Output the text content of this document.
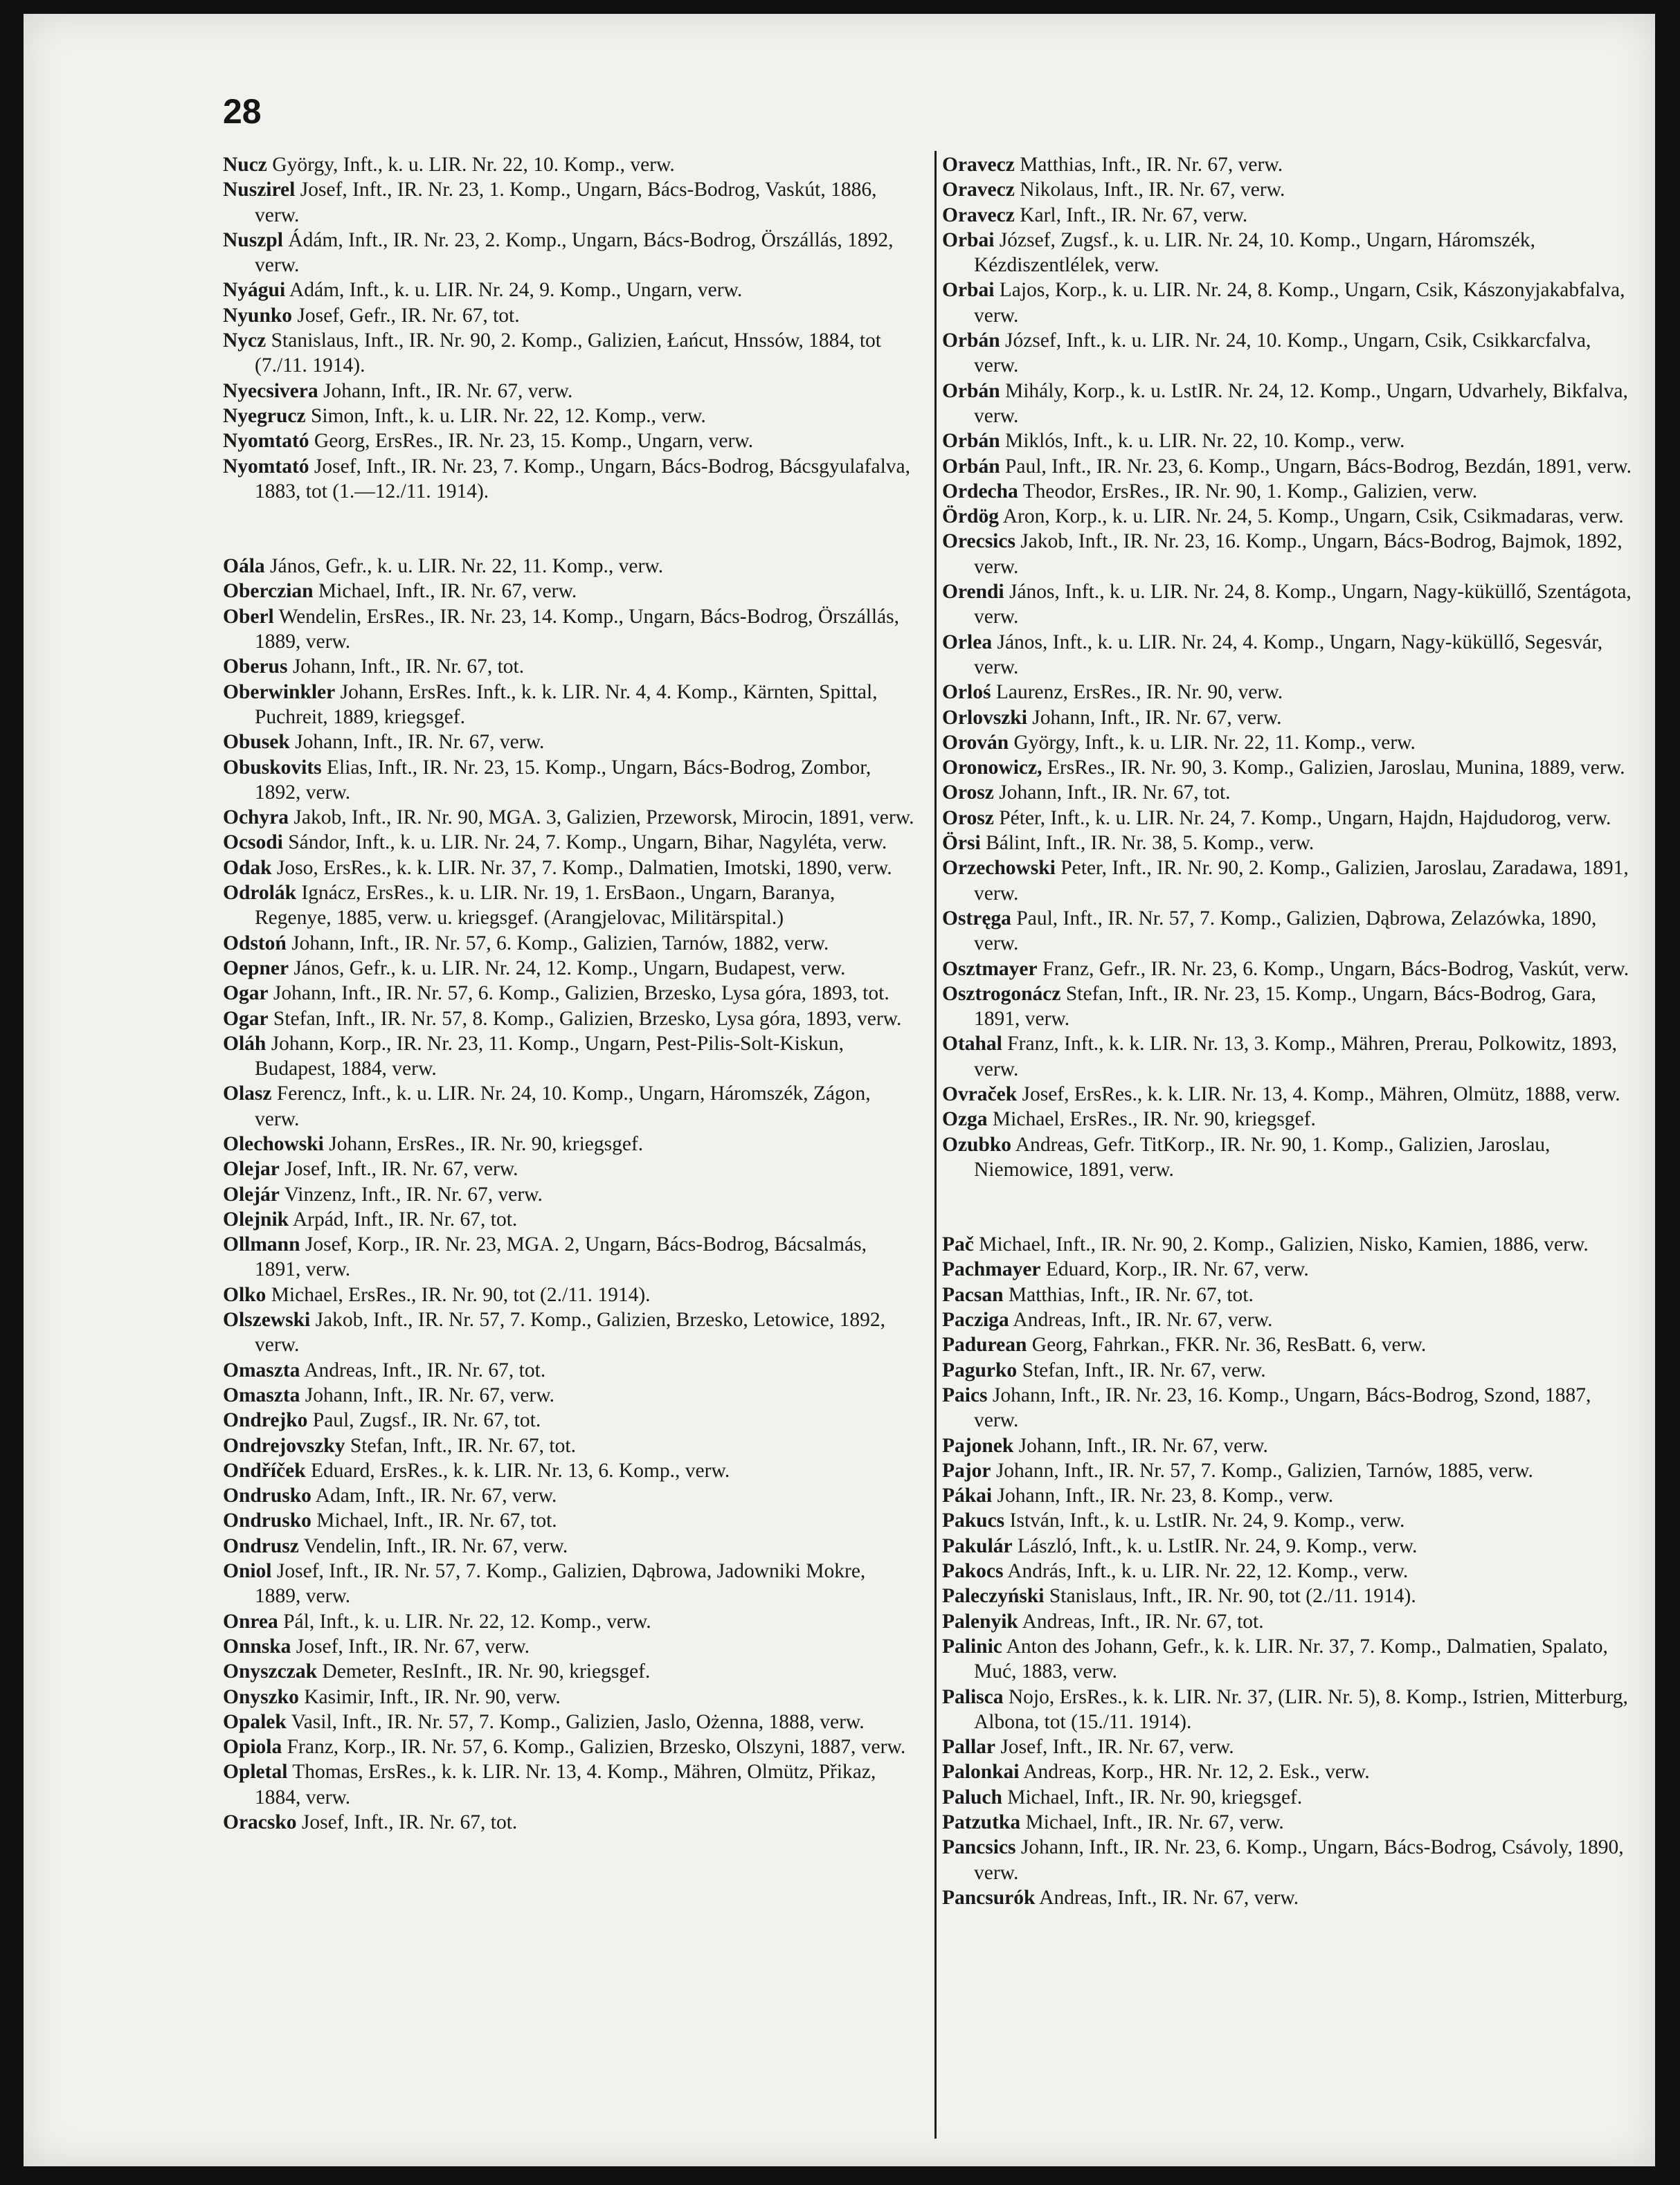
28

Nucz György, Inft., k. u. LIR. Nr. 22, 10. Komp., verw.

Nuszirel Josef, Inft., IR. Nr. 23, 1. Komp., Ungarn, Bács-Bodrog, Vaskút, 1886, verw.

Nuszpl Ádám, Inft., IR. Nr. 23, 2. Komp., Ungarn, Bács-Bodrog, Örszállás, 1892, verw.

Nyágui Adám, Inft., k. u. LIR. Nr. 24, 9. Komp., Ungarn, verw.

Nyunko Josef, Gefr., IR. Nr. 67, tot.

Nycz Stanislaus, Inft., IR. Nr. 90, 2. Komp., Galizien, Łańcut, Hnssów, 1884, tot (7./11. 1914).

Nyecsivera Johann, Inft., IR. Nr. 67, verw.

Nyegrucz Simon, Inft., k. u. LIR. Nr. 22, 12. Komp., verw.

Nyomtató Georg, ErsRes., IR. Nr. 23, 15. Komp., Ungarn, verw.

Nyomtató Josef, Inft., IR. Nr. 23, 7. Komp., Ungarn, Bács-Bodrog, Bácsgyulafalva, 1883, tot (1.—12./11. 1914).

Oála János, Gefr., k. u. LIR. Nr. 22, 11. Komp., verw.

Oberczian Michael, Inft., IR. Nr. 67, verw.

Oberl Wendelin, ErsRes., IR. Nr. 23, 14. Komp., Ungarn, Bács-Bodrog, Örszállás, 1889, verw.

Oberus Johann, Inft., IR. Nr. 67, tot.

Oberwinkler Johann, ErsRes. Inft., k. k. LIR. Nr. 4, 4. Komp., Kärnten, Spittal, Puchreit, 1889, kriegsgef.

Obusek Johann, Inft., IR. Nr. 67, verw.

Obuskovits Elias, Inft., IR. Nr. 23, 15. Komp., Ungarn, Bács-Bodrog, Zombor, 1892, verw.

Ochyra Jakob, Inft., IR. Nr. 90, MGA. 3, Galizien, Przeworsk, Mirocin, 1891, verw.

Ocsodi Sándor, Inft., k. u. LIR. Nr. 24, 7. Komp., Ungarn, Bihar, Nagyléta, verw.

Odak Joso, ErsRes., k. k. LIR. Nr. 37, 7. Komp., Dalmatien, Imotski, 1890, verw.

Odrolák Ignácz, ErsRes., k. u. LIR. Nr. 19, 1. ErsBaon., Ungarn, Baranya, Regenye, 1885, verw. u. kriegsgef. (Arangjelovac, Militärspital.)

Odstoń Johann, Inft., IR. Nr. 57, 6. Komp., Galizien, Tarnów, 1882, verw.

Oepner János, Gefr., k. u. LIR. Nr. 24, 12. Komp., Ungarn, Budapest, verw.

Ogar Johann, Inft., IR. Nr. 57, 6. Komp., Galizien, Brzesko, Lysa góra, 1893, tot.

Ogar Stefan, Inft., IR. Nr. 57, 8. Komp., Galizien, Brzesko, Lysa góra, 1893, verw.

Oláh Johann, Korp., IR. Nr. 23, 11. Komp., Ungarn, Pest-Pilis-Solt-Kiskun, Budapest, 1884, verw.

Olasz Ferencz, Inft., k. u. LIR. Nr. 24, 10. Komp., Ungarn, Háromszék, Zágon, verw.

Olechowski Johann, ErsRes., IR. Nr. 90, kriegsgef.

Olejar Josef, Inft., IR. Nr. 67, verw.

Olejár Vinzenz, Inft., IR. Nr. 67, verw.

Olejnik Arpád, Inft., IR. Nr. 67, tot.

Ollmann Josef, Korp., IR. Nr. 23, MGA. 2, Ungarn, Bács-Bodrog, Bácsalmás, 1891, verw.

Olko Michael, ErsRes., IR. Nr. 90, tot (2./11. 1914).

Olszewski Jakob, Inft., IR. Nr. 57, 7. Komp., Galizien, Brzesko, Letowice, 1892, verw.

Omaszta Andreas, Inft., IR. Nr. 67, tot.

Omaszta Johann, Inft., IR. Nr. 67, verw.

Ondrejko Paul, Zugsf., IR. Nr. 67, tot.

Ondrejovszky Stefan, Inft., IR. Nr. 67, tot.

Ondříček Eduard, ErsRes., k. k. LIR. Nr. 13, 6. Komp., verw.

Ondrusko Adam, Inft., IR. Nr. 67, verw.

Ondrusko Michael, Inft., IR. Nr. 67, tot.

Ondrusz Vendelin, Inft., IR. Nr. 67, verw.

Oniol Josef, Inft., IR. Nr. 57, 7. Komp., Galizien, Dąbrowa, Jadowniki Mokre, 1889, verw.

Onrea Pál, Inft., k. u. LIR. Nr. 22, 12. Komp., verw.

Onnska Josef, Inft., IR. Nr. 67, verw.

Onyszczak Demeter, ResInft., IR. Nr. 90, kriegsgef.

Onyszko Kasimir, Inft., IR. Nr. 90, verw.

Opalek Vasil, Inft., IR. Nr. 57, 7. Komp., Galizien, Jaslo, Ożenna, 1888, verw.

Opiola Franz, Korp., IR. Nr. 57, 6. Komp., Galizien, Brzesko, Olszyni, 1887, verw.

Opletal Thomas, ErsRes., k. k. LIR. Nr. 13, 4. Komp., Mähren, Olmütz, Přikaz, 1884, verw.

Oracsko Josef, Inft., IR. Nr. 67, tot.

Oravecz Matthias, Inft., IR. Nr. 67, verw.

Oravecz Nikolaus, Inft., IR. Nr. 67, verw.

Oravecz Karl, Inft., IR. Nr. 67, verw.

Orbai József, Zugsf., k. u. LIR. Nr. 24, 10. Komp., Ungarn, Háromszék, Kézdiszentlélek, verw.

Orbai Lajos, Korp., k. u. LIR. Nr. 24, 8. Komp., Ungarn, Csik, Kászonyjakabfalva, verw.

Orbán József, Inft., k. u. LIR. Nr. 24, 10. Komp., Ungarn, Csik, Csikkarcfalva, verw.

Orbán Mihály, Korp., k. u. LstIR. Nr. 24, 12. Komp., Ungarn, Udvarhely, Bikfalva, verw.

Orbán Miklós, Inft., k. u. LIR. Nr. 22, 10. Komp., verw.

Orbán Paul, Inft., IR. Nr. 23, 6. Komp., Ungarn, Bács-Bodrog, Bezdán, 1891, verw.

Ordecha Theodor, ErsRes., IR. Nr. 90, 1. Komp., Galizien, verw.

Ördög Aron, Korp., k. u. LIR. Nr. 24, 5. Komp., Ungarn, Csik, Csikmadaras, verw.

Orecsics Jakob, Inft., IR. Nr. 23, 16. Komp., Ungarn, Bács-Bodrog, Bajmok, 1892, verw.

Orendi János, Inft., k. u. LIR. Nr. 24, 8. Komp., Ungarn, Nagy-küküllő, Szentágota, verw.

Orlea János, Inft., k. u. LIR. Nr. 24, 4. Komp., Ungarn, Nagy-küküllő, Segesvár, verw.

Orloś Laurenz, ErsRes., IR. Nr. 90, verw.

Orlovszki Johann, Inft., IR. Nr. 67, verw.

Orován György, Inft., k. u. LIR. Nr. 22, 11. Komp., verw.

Oronowicz, ErsRes., IR. Nr. 90, 3. Komp., Galizien, Jaroslau, Munina, 1889, verw.

Orosz Johann, Inft., IR. Nr. 67, tot.

Orosz Péter, Inft., k. u. LIR. Nr. 24, 7. Komp., Ungarn, Hajdn, Hajdudorog, verw.

Örsi Bálint, Inft., IR. Nr. 38, 5. Komp., verw.

Orzechowski Peter, Inft., IR. Nr. 90, 2. Komp., Galizien, Jaroslau, Zaradawa, 1891, verw.

Ostręga Paul, Inft., IR. Nr. 57, 7. Komp., Galizien, Dąbrowa, Zelazówka, 1890, verw.

Osztmayer Franz, Gefr., IR. Nr. 23, 6. Komp., Ungarn, Bács-Bodrog, Vaskút, verw.

Osztrogonácz Stefan, Inft., IR. Nr. 23, 15. Komp., Ungarn, Bács-Bodrog, Gara, 1891, verw.

Otahal Franz, Inft., k. k. LIR. Nr. 13, 3. Komp., Mähren, Prerau, Polkowitz, 1893, verw.

Ovraček Josef, ErsRes., k. k. LIR. Nr. 13, 4. Komp., Mähren, Olmütz, 1888, verw.

Ozga Michael, ErsRes., IR. Nr. 90, kriegsgef.

Ozubko Andreas, Gefr. TitKorp., IR. Nr. 90, 1. Komp., Galizien, Jaroslau, Niemowice, 1891, verw.

Pač Michael, Inft., IR. Nr. 90, 2. Komp., Galizien, Nisko, Kamien, 1886, verw.

Pachmayer Eduard, Korp., IR. Nr. 67, verw.

Pacsan Matthias, Inft., IR. Nr. 67, tot.

Pacziga Andreas, Inft., IR. Nr. 67, verw.

Padurean Georg, Fahrkan., FKR. Nr. 36, ResBatt. 6, verw.

Pagurko Stefan, Inft., IR. Nr. 67, verw.

Paics Johann, Inft., IR. Nr. 23, 16. Komp., Ungarn, Bács-Bodrog, Szond, 1887, verw.

Pajonek Johann, Inft., IR. Nr. 67, verw.

Pajor Johann, Inft., IR. Nr. 57, 7. Komp., Galizien, Tarnów, 1885, verw.

Pákai Johann, Inft., IR. Nr. 23, 8. Komp., verw.

Pakucs István, Inft., k. u. LstIR. Nr. 24, 9. Komp., verw.

Pakulár László, Inft., k. u. LstIR. Nr. 24, 9. Komp., verw.

Pakocs András, Inft., k. u. LIR. Nr. 22, 12. Komp., verw.

Paleczyński Stanislaus, Inft., IR. Nr. 90, tot (2./11. 1914).

Palenyik Andreas, Inft., IR. Nr. 67, tot.

Palinic Anton des Johann, Gefr., k. k. LIR. Nr. 37, 7. Komp., Dalmatien, Spalato, Muć, 1883, verw.

Palisca Nojo, ErsRes., k. k. LIR. Nr. 37, (LIR. Nr. 5), 8. Komp., Istrien, Mitterburg, Albona, tot (15./11. 1914).

Pallar Josef, Inft., IR. Nr. 67, verw.

Palonkai Andreas, Korp., HR. Nr. 12, 2. Esk., verw.

Paluch Michael, Inft., IR. Nr. 90, kriegsgef.

Patzutka Michael, Inft., IR. Nr. 67, verw.

Pancsics Johann, Inft., IR. Nr. 23, 6. Komp., Ungarn, Bács-Bodrog, Csávoly, 1890, verw.

Pancsurók Andreas, Inft., IR. Nr. 67, verw.
